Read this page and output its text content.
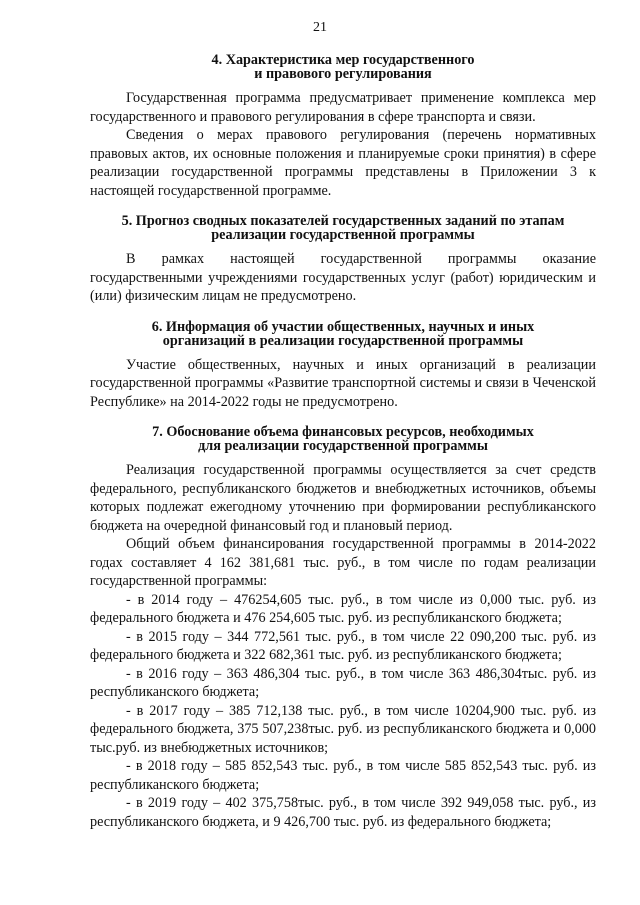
21
4. Характеристика мер государственного
и правового регулирования

Государственная программа предусматривает применение комплекса мер государственного и правового регулирования в сфере транспорта и связи.

Сведения о мерах правового регулирования (перечень нормативных правовых актов, их основные положения и планируемые сроки принятия) в сфере реализации государственной программы представлены в Приложении 3 к настоящей государственной программе.

5. Прогноз сводных показателей государственных заданий по этапам
реализации государственной программы

В рамках настоящей государственной программы оказание государственными учреждениями государственных услуг (работ) юридическим и (или) физическим лицам не предусмотрено.

6. Информация об участии общественных, научных и иных
организаций в реализации государственной программы

Участие общественных, научных и иных организаций в реализации государственной программы «Развитие транспортной системы и связи в Чеченской Республике» на 2014-2022 годы не предусмотрено.

7. Обоснование объема финансовых ресурсов, необходимых
для реализации государственной программы

Реализация государственной программы осуществляется за счет средств федерального, республиканского бюджетов и внебюджетных источников, объемы которых подлежат ежегодному уточнению при формировании республиканского бюджета на очередной финансовый год и плановый период.

Общий объем финансирования государственной программы в 2014-2022 годах составляет 4 162 381,681 тыс. руб., в том числе по годам реализации государственной программы:

- в 2014 году – 476254,605 тыс. руб., в том числе из 0,000 тыс. руб. из федерального бюджета и 476 254,605 тыс. руб. из республиканского бюджета;

- в 2015 году – 344 772,561 тыс. руб., в том числе 22 090,200 тыс. руб. из федерального бюджета и 322 682,361 тыс. руб. из республиканского бюджета;

- в 2016 году – 363 486,304 тыс. руб., в том числе 363 486,304тыс. руб. из республиканского бюджета;

- в 2017 году – 385 712,138 тыс. руб., в том числе 10204,900 тыс. руб. из федерального бюджета, 375 507,238тыс. руб. из республиканского бюджета и 0,000 тыс.руб. из внебюджетных источников;

- в 2018 году – 585 852,543 тыс. руб., в том числе 585 852,543 тыс. руб. из республиканского бюджета;

- в 2019 году – 402 375,758тыс. руб., в том числе 392 949,058 тыс. руб., из республиканского бюджета, и 9 426,700 тыс. руб. из федерального бюджета;
